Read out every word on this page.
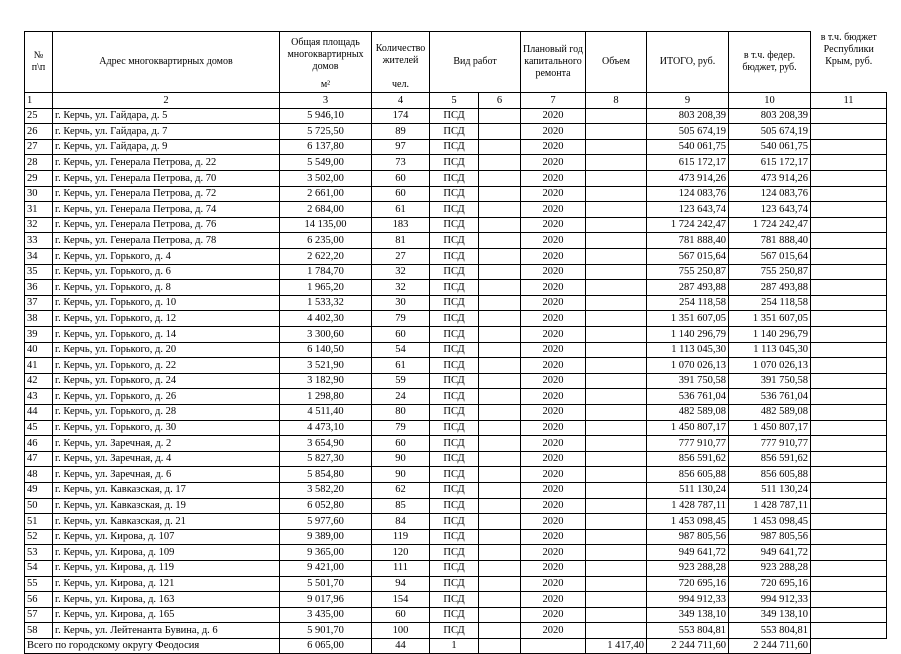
№ п\п	Адрес многоквартирных домов	Общая площадь многоквартирных домов	Количество жителей	Вид работ		Плановый год капитального ремонта	Объем	ИТОГО, руб.	в т.ч. федер. бюджет, руб.	в т.ч. бюджет Республики Крым, руб.
		м²	чел.							
1	2	3	4	5	6	7	8	9	10	11
25	г. Керчь, ул. Гайдара, д. 5	5 946,10	174	ПСД		2020		803 208,39	803 208,39	
26	г. Керчь, ул. Гайдара, д. 7	5 725,50	89	ПСД		2020		505 674,19	505 674,19	
27	г. Керчь, ул. Гайдара, д. 9	6 137,80	97	ПСД		2020		540 061,75	540 061,75	
28	г. Керчь, ул. Генерала Петрова, д. 22	5 549,00	73	ПСД		2020		615 172,17	615 172,17	
29	г. Керчь, ул. Генерала Петрова, д. 70	3 502,00	60	ПСД		2020		473 914,26	473 914,26	
30	г. Керчь, ул. Генерала Петрова, д. 72	2 661,00	60	ПСД		2020		124 083,76	124 083,76	
31	г. Керчь, ул. Генерала Петрова, д. 74	2 684,00	61	ПСД		2020		123 643,74	123 643,74	
32	г. Керчь, ул. Генерала Петрова, д. 76	14 135,00	183	ПСД		2020		1 724 242,47	1 724 242,47	
33	г. Керчь, ул. Генерала Петрова, д. 78	6 235,00	81	ПСД		2020		781 888,40	781 888,40	
34	г. Керчь, ул. Горького, д. 4	2 622,20	27	ПСД		2020		567 015,64	567 015,64	
35	г. Керчь, ул. Горького, д. 6	1 784,70	32	ПСД		2020		755 250,87	755 250,87	
36	г. Керчь, ул. Горького, д. 8	1 965,20	32	ПСД		2020		287 493,88	287 493,88	
37	г. Керчь, ул. Горького, д. 10	1 533,32	30	ПСД		2020		254 118,58	254 118,58	
38	г. Керчь, ул. Горького, д. 12	4 402,30	79	ПСД		2020		1 351 607,05	1 351 607,05	
39	г. Керчь, ул. Горького, д. 14	3 300,60	60	ПСД		2020		1 140 296,79	1 140 296,79	
40	г. Керчь, ул. Горького, д. 20	6 140,50	54	ПСД		2020		1 113 045,30	1 113 045,30	
41	г. Керчь, ул. Горького, д. 22	3 521,90	61	ПСД		2020		1 070 026,13	1 070 026,13	
42	г. Керчь, ул. Горького, д. 24	3 182,90	59	ПСД		2020		391 750,58	391 750,58	
43	г. Керчь, ул. Горького, д. 26	1 298,80	24	ПСД		2020		536 761,04	536 761,04	
44	г. Керчь, ул. Горького, д. 28	4 511,40	80	ПСД		2020		482 589,08	482 589,08	
45	г. Керчь, ул. Горького, д. 30	4 473,10	79	ПСД		2020		1 450 807,17	1 450 807,17	
46	г. Керчь, ул. Заречная, д. 2	3 654,90	60	ПСД		2020		777 910,77	777 910,77	
47	г. Керчь, ул. Заречная, д. 4	5 827,30	90	ПСД		2020		856 591,62	856 591,62	
48	г. Керчь, ул. Заречная, д. 6	5 854,80	90	ПСД		2020		856 605,88	856 605,88	
49	г. Керчь, ул. Кавказская, д. 17	3 582,20	62	ПСД		2020		511 130,24	511 130,24	
50	г. Керчь, ул. Кавказская, д. 19	6 052,80	85	ПСД		2020		1 428 787,11	1 428 787,11	
51	г. Керчь, ул. Кавказская, д. 21	5 977,60	84	ПСД		2020		1 453 098,45	1 453 098,45	
52	г. Керчь, ул. Кирова, д. 107	9 389,00	119	ПСД		2020		987 805,56	987 805,56	
53	г. Керчь, ул. Кирова, д. 109	9 365,00	120	ПСД		2020		949 641,72	949 641,72	
54	г. Керчь, ул. Кирова, д. 119	9 421,00	111	ПСД		2020		923 288,28	923 288,28	
55	г. Керчь, ул. Кирова, д. 121	5 501,70	94	ПСД		2020		720 695,16	720 695,16	
56	г. Керчь, ул. Кирова, д. 163	9 017,96	154	ПСД		2020		994 912,33	994 912,33	
57	г. Керчь, ул. Кирова, д. 165	3 435,00	60	ПСД		2020		349 138,10	349 138,10	
58	г. Керчь, ул. Лейтенанта Бувина, д. 6	5 901,70	100	ПСД		2020		553 804,81	553 804,81	
Всего по городскому округу Феодосия		6 065,00	44	1			1 417,40	2 244 711,60	2 244 711,60	
